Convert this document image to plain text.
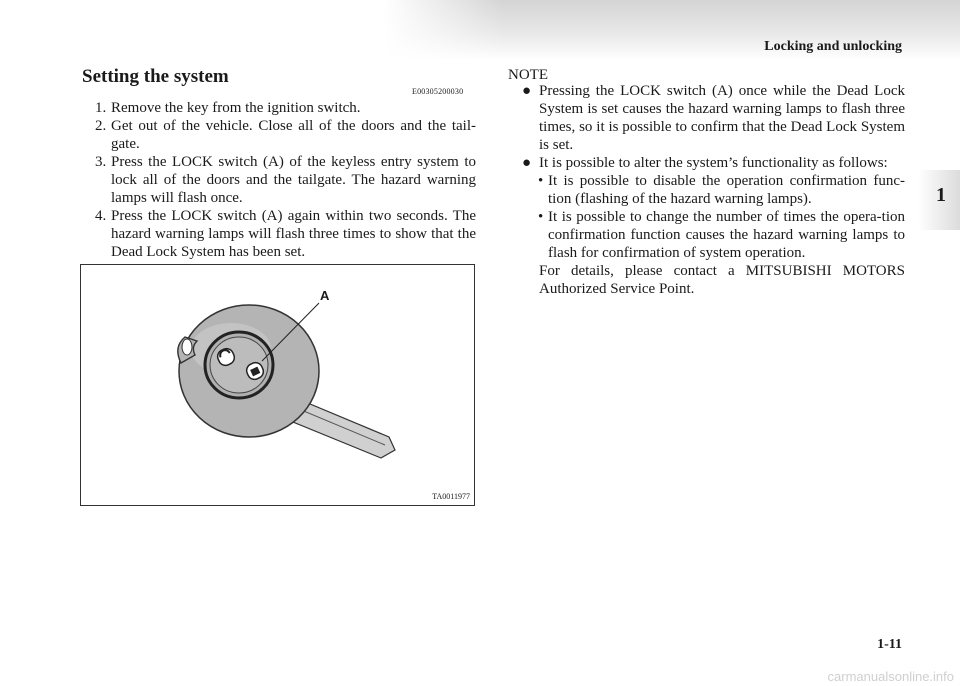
Locking and unlocking
1
Setting the system
E00305200030
1. Remove the key from the ignition switch.
2. Get out of the vehicle. Close all of the doors and the tail-gate.
3. Press the LOCK switch (A) of the keyless entry system to lock all of the doors and the tailgate. The hazard warning lamps will flash once.
4. Press the LOCK switch (A) again within two seconds. The hazard warning lamps will flash three times to show that the Dead Lock System has been set.
A
TA0011977
NOTE
● Pressing the LOCK switch (A) once while the Dead Lock System is set causes the hazard warning lamps to flash three times, so it is possible to confirm that the Dead Lock System is set.
● It is possible to alter the system’s functionality as follows:
• It is possible to disable the operation confirmation func-tion (flashing of the hazard warning lamps).
• It is possible to change the number of times the opera-tion confirmation function causes the hazard warning lamps to flash for confirmation of system operation.
For details, please contact a MITSUBISHI MOTORS Authorized Service Point.
1-11
carmanualsonline.info
